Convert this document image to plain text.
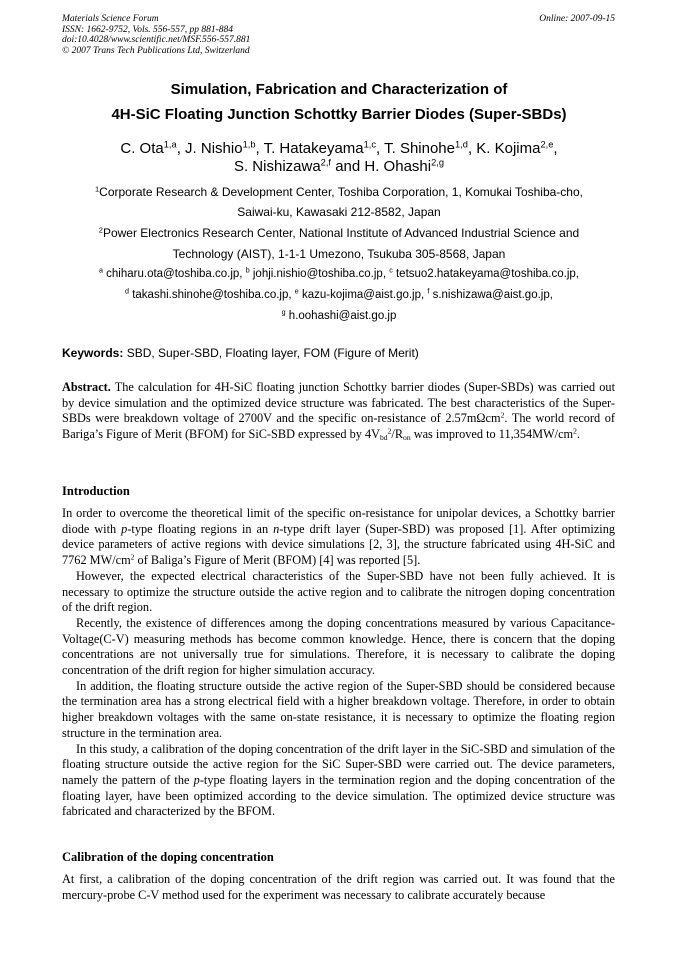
Materials Science Forum
ISSN: 1662-9752, Vols. 556-557, pp 881-884
doi:10.4028/www.scientific.net/MSF.556-557.881
© 2007 Trans Tech Publications Ltd, Switzerland
Online: 2007-09-15
Simulation, Fabrication and Characterization of
4H-SiC Floating Junction Schottky Barrier Diodes (Super-SBDs)
C. Ota$^{1,a}$, J. Nishio$^{1,b}$, T. Hatakeyama$^{1,c}$, T. Shinohe$^{1,d}$, K. Kojima$^{2,e}$,
S. Nishizawa$^{2,f}$ and H. Ohashi$^{2,g}$
$^1$Corporate Research & Development Center, Toshiba Corporation, 1, Komukai Toshiba-cho,
Saiwai-ku, Kawasaki 212-8582, Japan
$^2$Power Electronics Research Center, National Institute of Advanced Industrial Science and
Technology (AIST), 1-1-1 Umezono, Tsukuba 305-8568, Japan
$^a$ chiharu.ota@toshiba.co.jp, $^b$ johji.nishio@toshiba.co.jp, $^c$ tetsuo2.hatakeyama@toshiba.co.jp,
$^d$ takashi.shinohe@toshiba.co.jp, $^e$ kazu-kojima@aist.go.jp, $^f$ s.nishizawa@aist.go.jp,
$^g$ h.oohashi@aist.go.jp
Keywords: SBD, Super-SBD, Floating layer, FOM (Figure of Merit)

Abstract. The calculation for 4H-SiC floating junction Schottky barrier diodes (Super-SBDs) was carried out by device simulation and the optimized device structure was fabricated. The best characteristics of the Super-SBDs were breakdown voltage of 2700V and the specific on-resistance of 2.57mΩcm$^2$. The world record of Bariga’s Figure of Merit (BFOM) for SiC-SBD expressed by $4V_{bd}^2/R_{on}$ was improved to $11,354MW/cm^2$.

Introduction

In order to overcome the theoretical limit of the specific on-resistance for unipolar devices, a Schottky barrier diode with p-type floating regions in an n-type drift layer (Super-SBD) was proposed [1]. After optimizing device parameters of active regions with device simulations [2, 3], the structure fabricated using 4H-SiC and 7762 $MW/cm^2$ of Baliga’s Figure of Merit (BFOM) [4] was reported [5].

However, the expected electrical characteristics of the Super-SBD have not been fully achieved. It is necessary to optimize the structure outside the active region and to calibrate the nitrogen doping concentration of the drift region.

Recently, the existence of differences among the doping concentrations measured by various Capacitance-Voltage(C-V) measuring methods has become common knowledge. Hence, there is concern that the doping concentrations are not universally true for simulations. Therefore, it is necessary to calibrate the doping concentration of the drift region for higher simulation accuracy.

In addition, the floating structure outside the active region of the Super-SBD should be considered because the termination area has a strong electrical field with a higher breakdown voltage. Therefore, in order to obtain higher breakdown voltages with the same on-state resistance, it is necessary to optimize the floating region structure in the termination area.

In this study, a calibration of the doping concentration of the drift layer in the SiC-SBD and simulation of the floating structure outside the active region for the SiC Super-SBD were carried out. The device parameters, namely the pattern of the p-type floating layers in the termination region and the doping concentration of the floating layer, have been optimized according to the device simulation. The optimized device structure was fabricated and characterized by the BFOM.

Calibration of the doping concentration

At first, a calibration of the doping concentration of the drift region was carried out. It was found that the mercury-probe C-V method used for the experiment was necessary to calibrate accurately because
